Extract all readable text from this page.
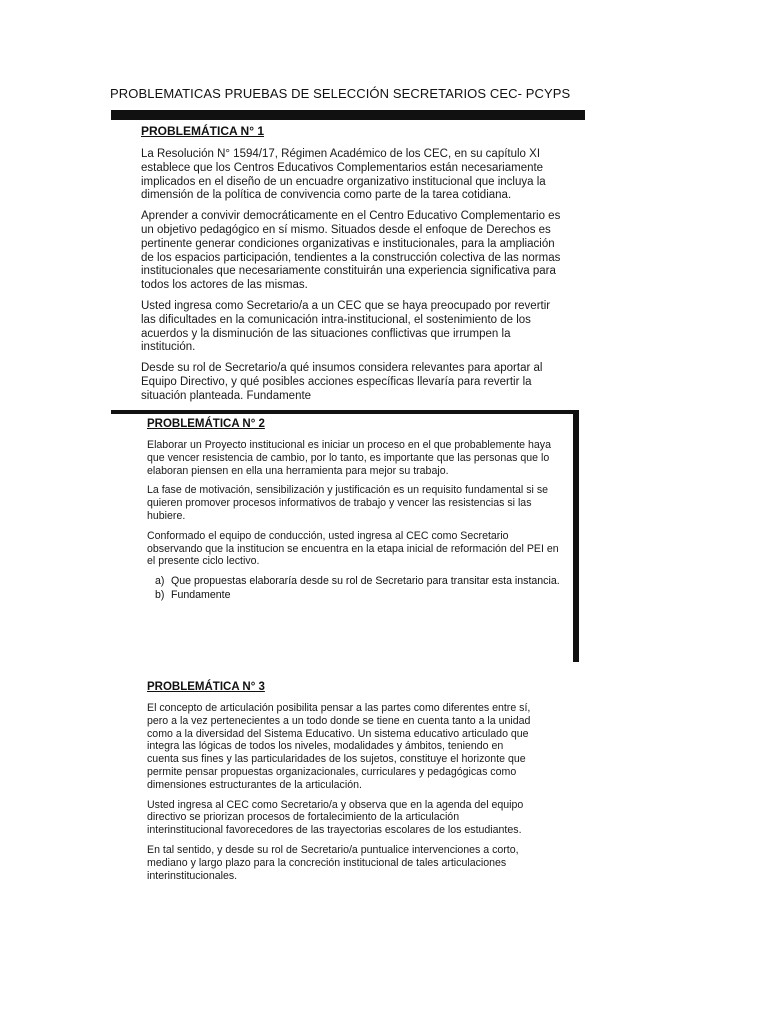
PROBLEMATICAS PRUEBAS DE SELECCIÓN SECRETARIOS CEC- PCYPS
PROBLEMÁTICA N° 1

La Resolución N° 1594/17, Régimen Académico de los CEC, en su capítulo XI establece que los Centros Educativos Complementarios están necesariamente implicados en el diseño de un encuadre organizativo institucional que incluya la dimensión de la política de convivencia como parte de la tarea cotidiana.

Aprender a convivir democráticamente en el Centro Educativo Complementario es un objetivo pedagógico en sí mismo. Situados desde el enfoque de Derechos es pertinente generar condiciones organizativas e institucionales, para la ampliación de los espacios participación, tendientes a la construcción colectiva de las normas institucionales que necesariamente constituirán una experiencia significativa para todos los actores de las mismas.

Usted ingresa como Secretario/a a un CEC que se haya preocupado por revertir las dificultades en la comunicación intra-institucional, el sostenimiento de los acuerdos y la disminución de las situaciones conflictivas que irrumpen la institución.

Desde su rol de Secretario/a qué insumos considera relevantes para aportar al Equipo Directivo, y qué posibles acciones específicas llevaría para revertir la situación planteada. Fundamente

PROBLEMÁTICA N° 2

Elaborar un Proyecto institucional es iniciar un proceso en el que probablemente haya que vencer resistencia de cambio, por lo tanto, es importante que las personas que lo elaboran piensen en ella una herramienta para mejor su trabajo.

La fase de motivación, sensibilización y justificación es un requisito fundamental si se quieren promover procesos informativos de trabajo y vencer las resistencias si las hubiere.

Conformado el equipo de conducción, usted ingresa al CEC como Secretario observando que la institucion se encuentra en la etapa inicial de reformación del PEI en el presente ciclo lectivo.

a) Que propuestas elaboraría desde su rol de Secretario para transitar esta instancia.
b) Fundamente
PROBLEMÁTICA N° 3

El concepto de articulación posibilita pensar a las partes como diferentes entre sí, pero a la vez pertenecientes a un todo donde se tiene en cuenta tanto a la unidad como a la diversidad del Sistema Educativo. Un sistema educativo articulado que integra las lógicas de todos los niveles, modalidades y ámbitos, teniendo en cuenta sus fines y las particularidades de los sujetos, constituye el horizonte que permite pensar propuestas organizacionales, curriculares y pedagógicas como dimensiones estructurantes de la articulación.

Usted ingresa al CEC como Secretario/a y observa que en la agenda del equipo directivo se priorizan procesos de fortalecimiento de la articulación interinstitucional favorecedores de las trayectorias escolares de los estudiantes.

En tal sentido, y desde su rol de Secretario/a puntualice intervenciones a corto, mediano y largo plazo para la concreción institucional de tales articulaciones interinstitucionales.
